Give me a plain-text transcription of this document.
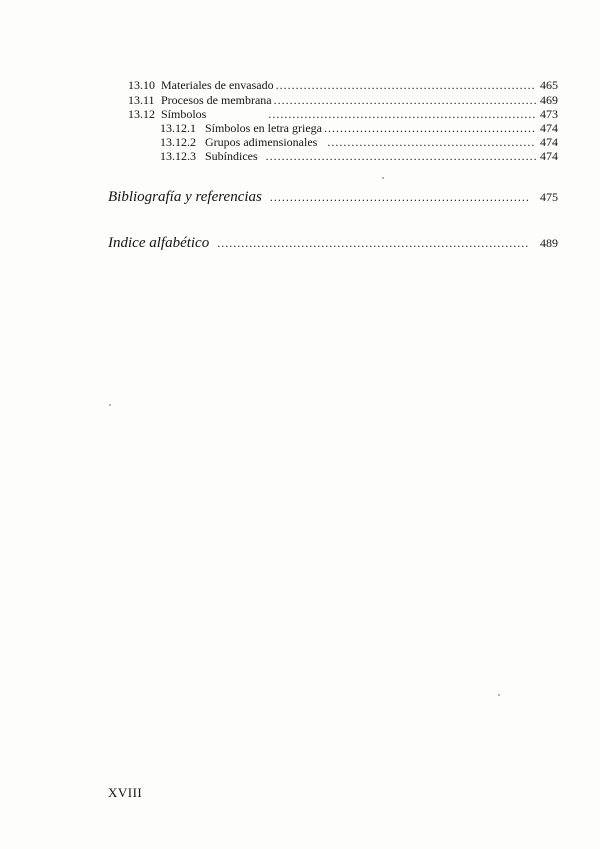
13.10 Materiales de envasado .....	465
13.11 Procesos de membrana .....	469
13.12 Símbolos .....	473
13.12.1 Símbolos en letra griega .....	474
13.12.2 Grupos adimensionales .....	474
13.12.3 Subíndices .....	474
Bibliografía y referencias .....	475
Indice alfabético .....	489
XVIII
